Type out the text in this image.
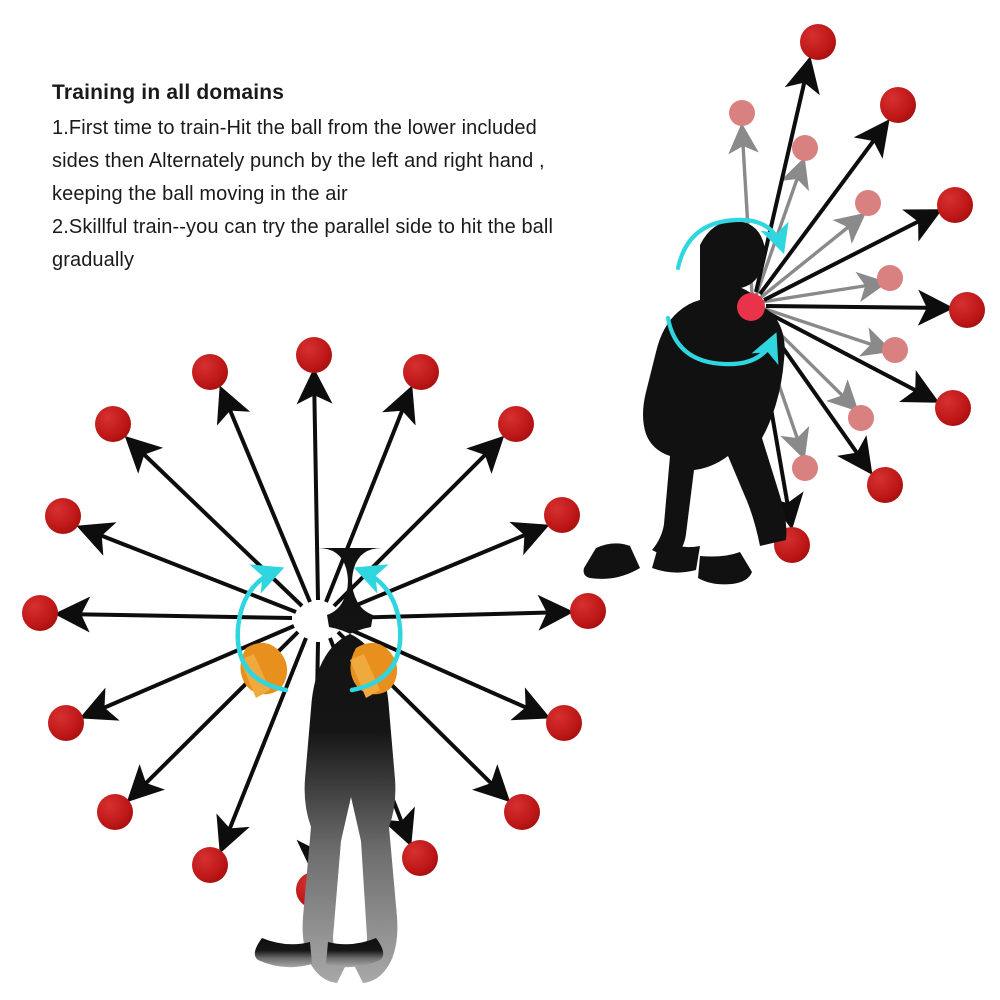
Training in all domains
1.First time to train-Hit the ball from the lower included
sides then Alternately punch by the left and right hand ,
keeping the ball moving in the air
2.Skillful train--you can try the parallel side to hit the ball
gradually
